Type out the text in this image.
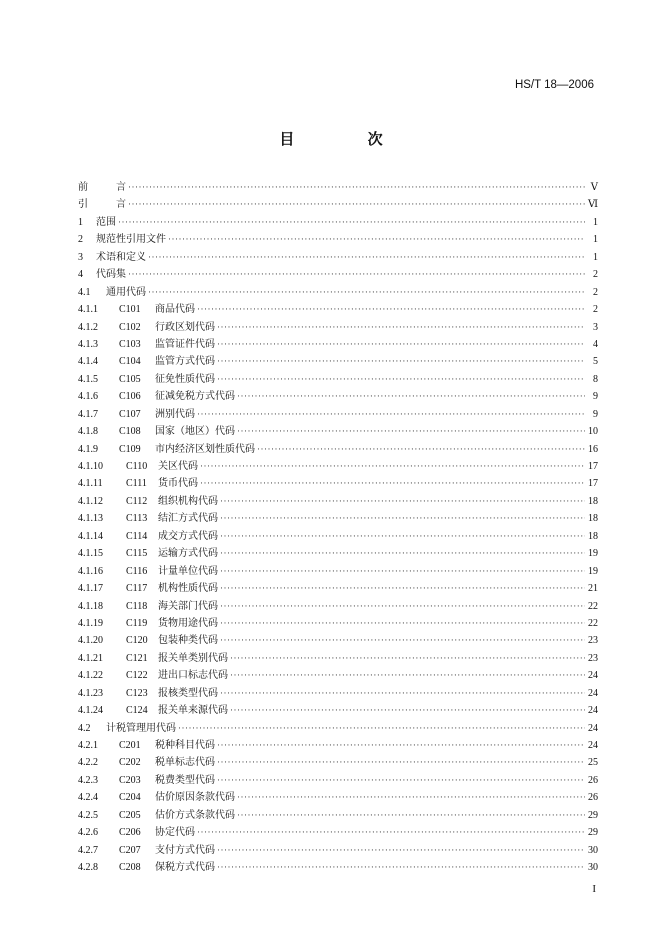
HS/T 18—2006
目 次
前	言 ·····	Ⅴ
引	言 ·····	Ⅵ
1	范围 ·····	1
2	规范性引用文件 ·····	1
3	术语和定义 ·····	1
4	代码集 ·····	2
4.1	通用代码 ·····	2
4.1.1	C101	商品代码 ·····	2
4.1.2	C102	行政区划代码 ·····	3
4.1.3	C103	监管证件代码 ·····	4
4.1.4	C104	监管方式代码 ·····	5
4.1.5	C105	征免性质代码 ·····	8
4.1.6	C106	征减免税方式代码 ·····	9
4.1.7	C107	洲别代码 ·····	9
4.1.8	C108	国家（地区）代码 ·····	10
4.1.9	C109	市内经济区划性质代码 ·····	16
4.1.10	C110	关区代码 ·····	17
4.1.11	C111	货币代码 ·····	17
4.1.12	C112	组织机构代码 ·····	18
4.1.13	C113	结汇方式代码 ·····	18
4.1.14	C114	成交方式代码 ·····	18
4.1.15	C115	运输方式代码 ·····	19
4.1.16	C116	计量单位代码 ·····	19
4.1.17	C117	机构性质代码 ·····	21
4.1.18	C118	海关部门代码 ·····	22
4.1.19	C119	货物用途代码 ·····	22
4.1.20	C120	包装种类代码 ·····	23
4.1.21	C121	报关单类别代码 ·····	23
4.1.22	C122	进出口标志代码 ·····	24
4.1.23	C123	报核类型代码 ·····	24
4.1.24	C124	报关单来源代码 ·····	24
4.2	计税管理用代码 ·····	24
4.2.1	C201	税种科目代码 ·····	24
4.2.2	C202	税单标志代码 ·····	25
4.2.3	C203	税费类型代码 ·····	26
4.2.4	C204	估价原因条款代码 ·····	26
4.2.5	C205	估价方式条款代码 ·····	29
4.2.6	C206	协定代码 ·····	29
4.2.7	C207	支付方式代码 ·····	30
4.2.8	C208	保税方式代码 ·····	30
I
